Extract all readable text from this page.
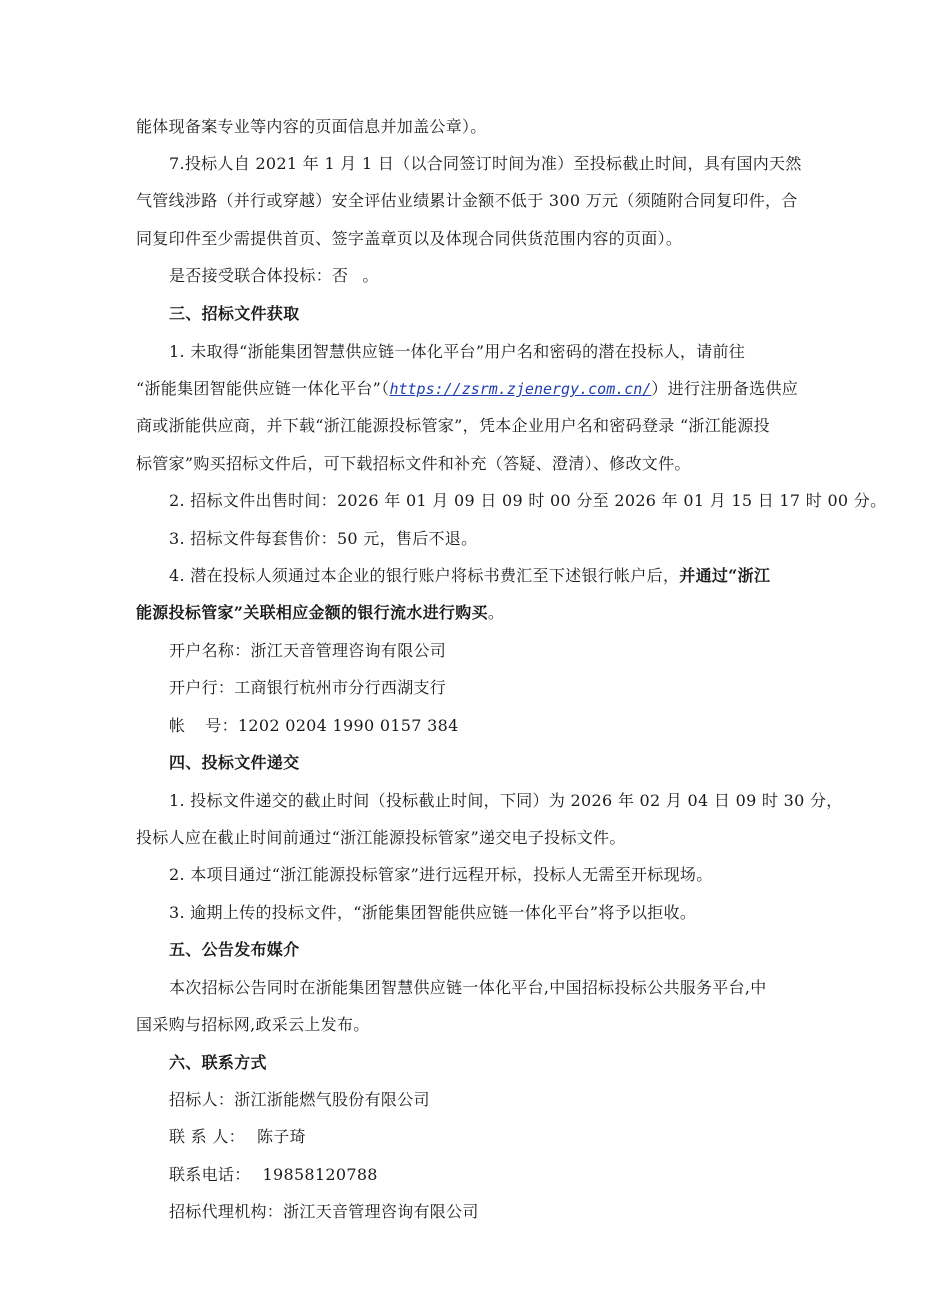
能体现备案专业等内容的页面信息并加盖公章）。
7.投标人自 2021 年 1 月 1 日（以合同签订时间为准）至投标截止时间，具有国内天然
气管线涉路（并行或穿越）安全评估业绩累计金额不低于 300 万元（须随附合同复印件，合
同复印件至少需提供首页、签字盖章页以及体现合同供货范围内容的页面）。
是否接受联合体投标：否 。
三、招标文件获取
1. 未取得“浙能集团智慧供应链一体化平台”用户名和密码的潜在投标人，请前往
“浙能集团智能供应链一体化平台”（https://zsrm.zjenergy.com.cn/）进行注册备选供应
商或浙能供应商，并下载“浙江能源投标管家”，凭本企业用户名和密码登录 “浙江能源投
标管家”购买招标文件后，可下载招标文件和补充（答疑、澄清）、修改文件。
2. 招标文件出售时间：2026 年 01 月 09 日 09 时 00 分至 2026 年 01 月 15 日 17 时 00 分。
3. 招标文件每套售价：50 元，售后不退。
4. 潜在投标人须通过本企业的银行账户将标书费汇至下述银行帐户后，并通过“浙江
能源投标管家”关联相应金额的银行流水进行购买。
开户名称：浙江天音管理咨询有限公司
开户行：工商银行杭州市分行西湖支行
帐 号：1202 0204 1990 0157 384
四、投标文件递交
1. 投标文件递交的截止时间（投标截止时间，下同）为 2026 年 02 月 04 日 09 时 30 分，
投标人应在截止时间前通过“浙江能源投标管家”递交电子投标文件。
2. 本项目通过“浙江能源投标管家”进行远程开标，投标人无需至开标现场。
3. 逾期上传的投标文件，“浙能集团智能供应链一体化平台”将予以拒收。
五、公告发布媒介
本次招标公告同时在浙能集团智慧供应链一体化平台,中国招标投标公共服务平台,中
国采购与招标网,政采云上发布。
六、联系方式
招标人：浙江浙能燃气股份有限公司
联 系 人： 陈子琦
联系电话： 19858120788
招标代理机构：浙江天音管理咨询有限公司
